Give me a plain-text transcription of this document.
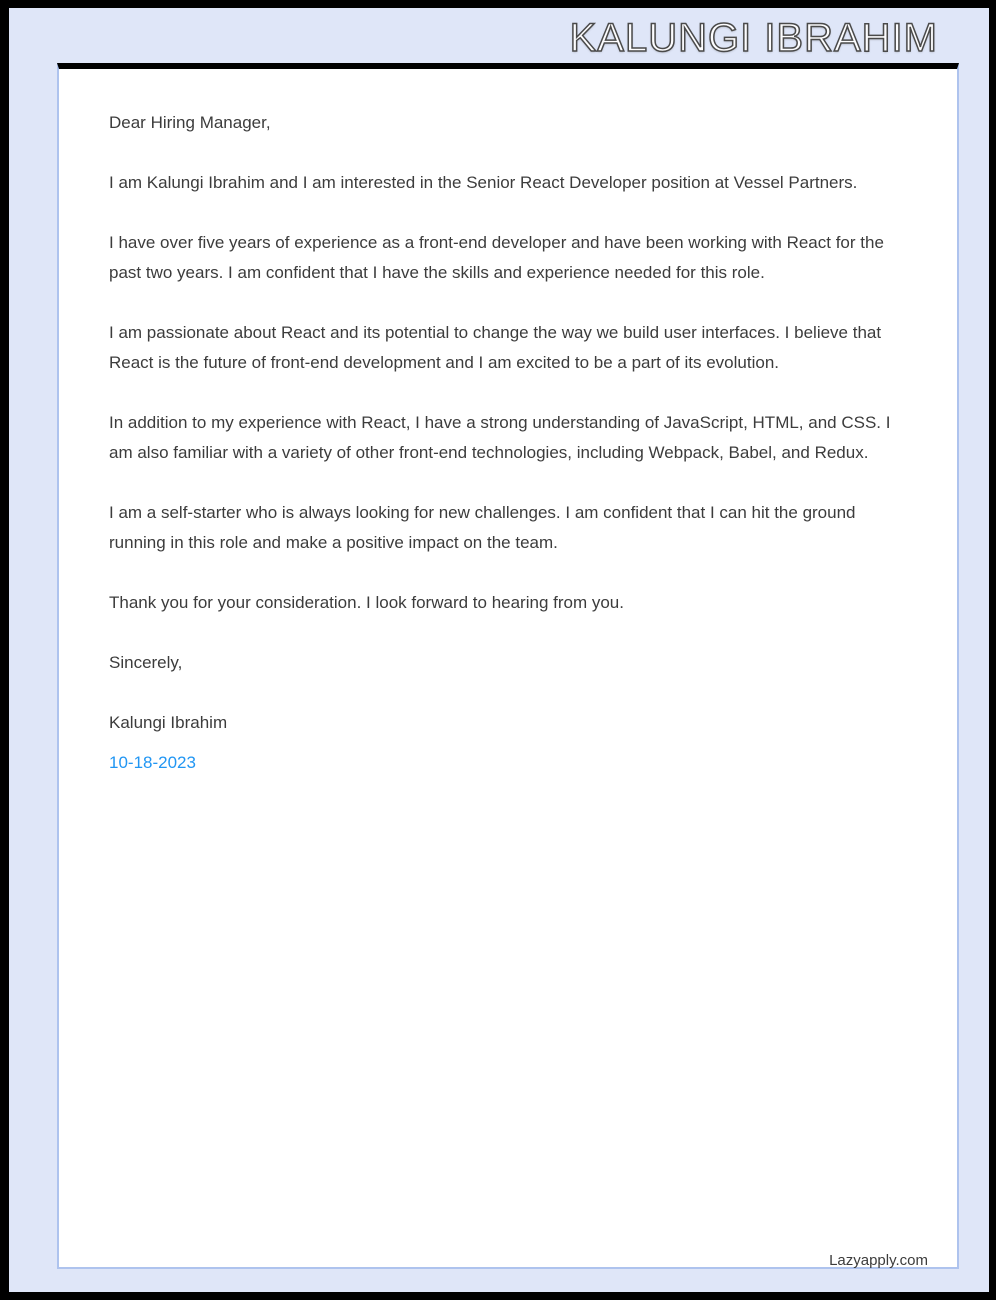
KALUNGI IBRAHIM

Dear Hiring Manager,

I am Kalungi Ibrahim and I am interested in the Senior React Developer position at Vessel Partners.

I have over five years of experience as a front-end developer and have been working with React for the past two years. I am confident that I have the skills and experience needed for this role.

I am passionate about React and its potential to change the way we build user interfaces. I believe that React is the future of front-end development and I am excited to be a part of its evolution.

In addition to my experience with React, I have a strong understanding of JavaScript, HTML, and CSS. I am also familiar with a variety of other front-end technologies, including Webpack, Babel, and Redux.

I am a self-starter who is always looking for new challenges. I am confident that I can hit the ground running in this role and make a positive impact on the team.

Thank you for your consideration. I look forward to hearing from you.

Sincerely,

Kalungi Ibrahim

10-18-2023

Lazyapply.com
